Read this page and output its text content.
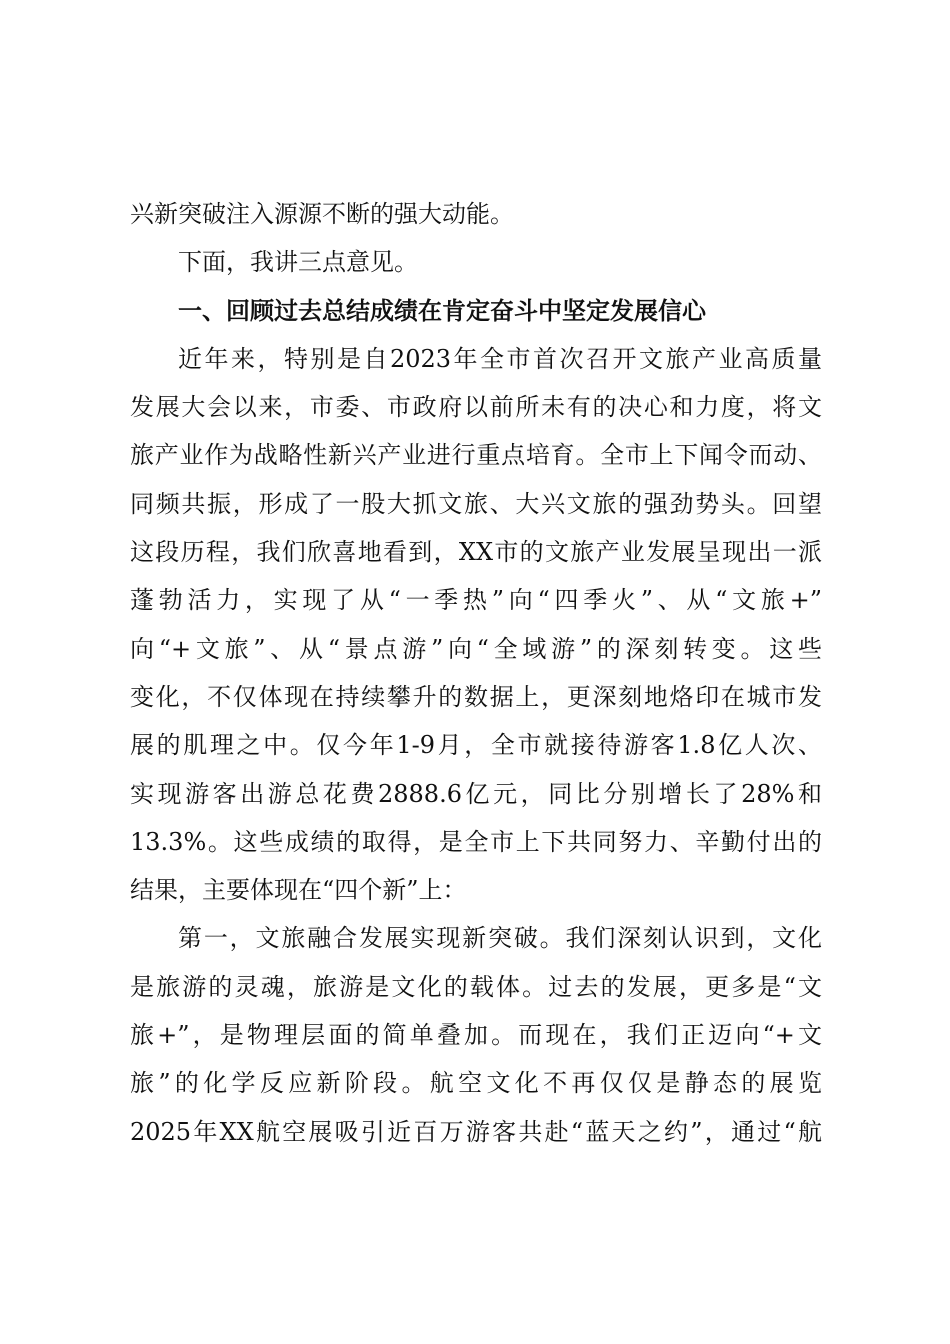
兴新突破注入源源不断的强大动能。
下面，我讲三点意见。
一、回顾过去总结成绩在肯定奋斗中坚定发展信心
近年来，特别是自2023年全市首次召开文旅产业高质量
发展大会以来，市委、市政府以前所未有的决心和力度，将文
旅产业作为战略性新兴产业进行重点培育。全市上下闻令而动、
同频共振，形成了一股大抓文旅、大兴文旅的强劲势头。回望
这段历程，我们欣喜地看到，XX市的文旅产业发展呈现出一派
蓬勃活力，实现了从“一季热”向“四季火”、从“文旅+”
向“+文旅”、从“景点游”向“全域游”的深刻转变。这些
变化，不仅体现在持续攀升的数据上，更深刻地烙印在城市发
展的肌理之中。仅今年1-9月，全市就接待游客1.8亿人次、
实现游客出游总花费2888.6亿元，同比分别增长了28%和
13.3%。这些成绩的取得，是全市上下共同努力、辛勤付出的
结果，主要体现在“四个新”上：
第一，文旅融合发展实现新突破。我们深刻认识到，文化
是旅游的灵魂，旅游是文化的载体。过去的发展，更多是“文
旅+”，是物理层面的简单叠加。而现在，我们正迈向“+文
旅”的化学反应新阶段。航空文化不再仅仅是静态的展览
2025年XX航空展吸引近百万游客共赴“蓝天之约”，通过“航
